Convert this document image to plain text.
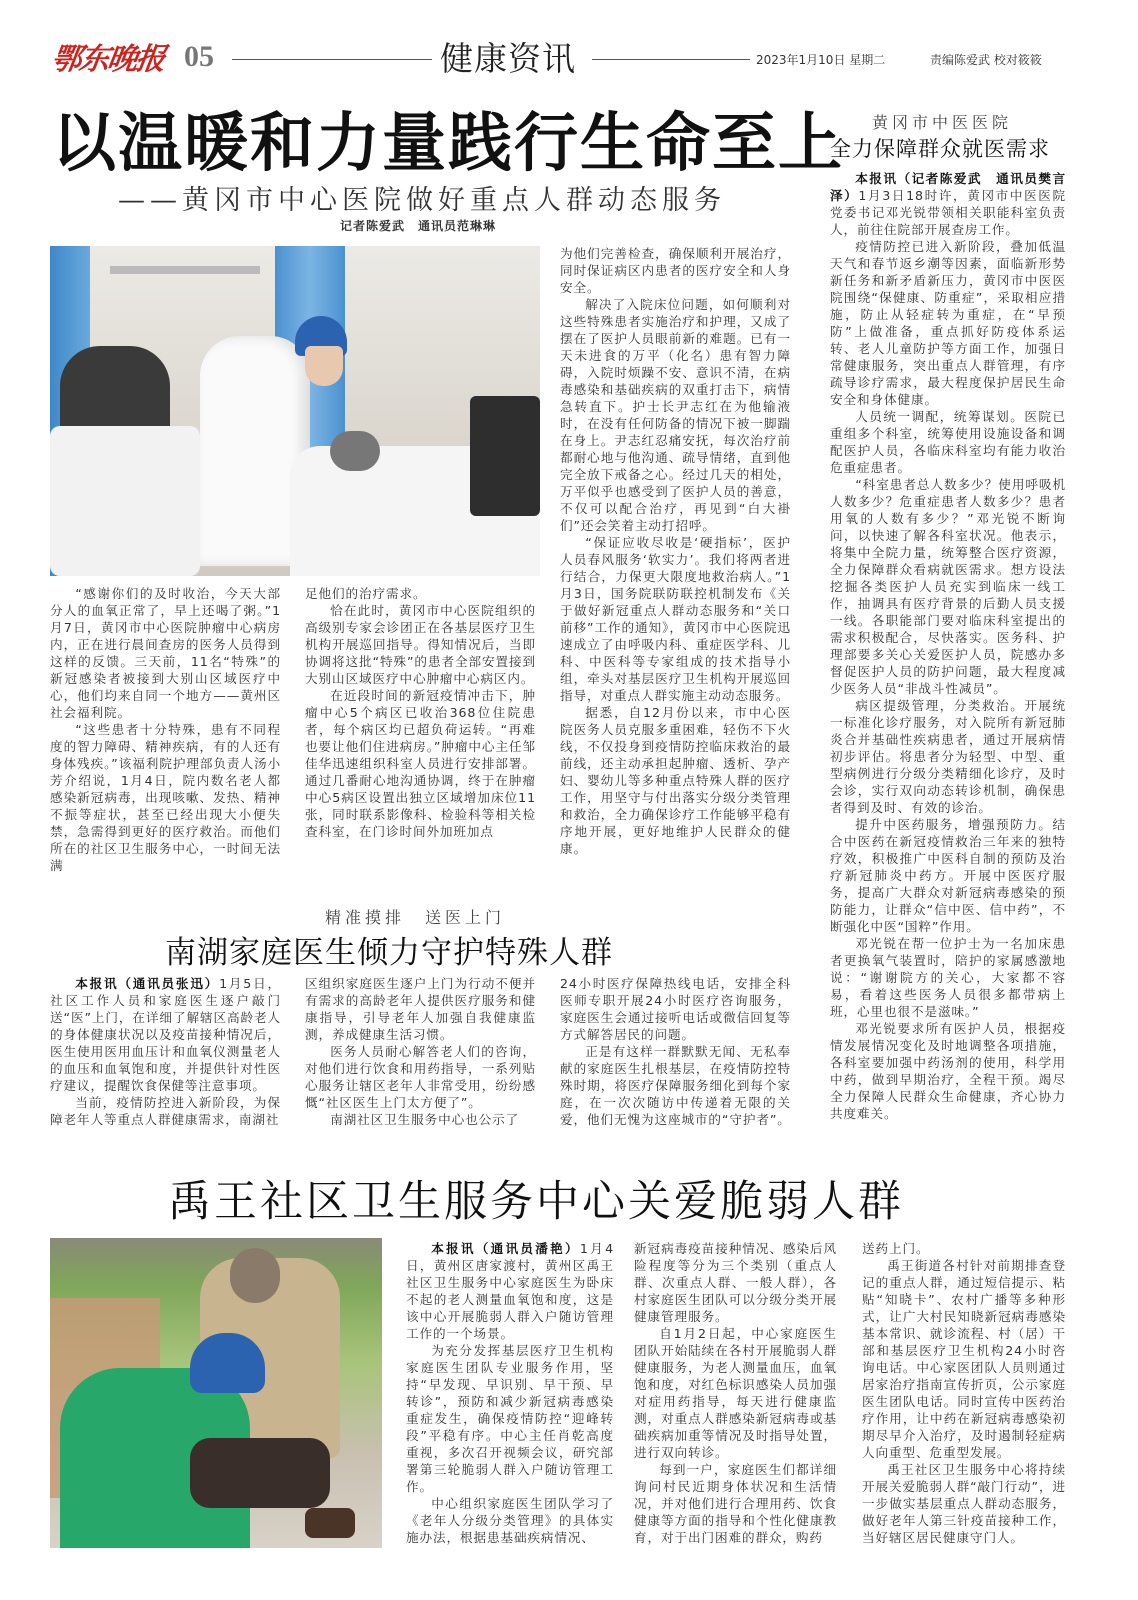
鄂东晚报 05	健康资讯	2023年1月10日 星期二	责编陈爱武 校对筱筱
以温暖和力量践行生命至上
——黄冈市中心医院做好重点人群动态服务
记者陈爱武　通讯员范琳琳

“感谢你们的及时收治，今天大部分人的血氧正常了，早上还喝了粥。”1月7日，黄冈市中心医院肿瘤中心病房内，正在进行晨间查房的医务人员得到这样的反馈。三天前，11名“特殊”的新冠感染者被接到大别山区域医疗中心，他们均来自同一个地方——黄州区社会福利院。

“这些患者十分特殊，患有不同程度的智力障碍、精神疾病，有的人还有身体残疾。”该福利院护理部负责人汤小芳介绍说，1月4日，院内数名老人都感染新冠病毒，出现咳嗽、发热、精神不振等症状，甚至已经出现大小便失禁，急需得到更好的医疗救治。而他们所在的社区卫生服务中心，一时间无法满

足他们的治疗需求。

恰在此时，黄冈市中心医院组织的高级别专家会诊团正在各基层医疗卫生机构开展巡回指导。得知情况后，当即协调将这批“特殊”的患者全部安置接到大别山区域医疗中心肿瘤中心病区内。

在近段时间的新冠疫情冲击下，肿瘤中心5个病区已收治368位住院患者，每个病区均已超负荷运转。“再难也要让他们住进病房。”肿瘤中心主任邹佳华迅速组织科室人员进行安排部署。通过几番耐心地沟通协调，终于在肿瘤中心5病区设置出独立区域增加床位11张，同时联系影像科、检验科等相关检查科室，在门诊时间外加班加点

为他们完善检查，确保顺利开展治疗，同时保证病区内患者的医疗安全和人身安全。

解决了入院床位问题，如何顺利对这些特殊患者实施治疗和护理，又成了摆在了医护人员眼前新的难题。已有一天未进食的万平（化名）患有智力障碍，入院时烦躁不安、意识不清，在病毒感染和基础疾病的双重打击下，病情急转直下。护士长尹志红在为他输液时，在没有任何防备的情况下被一脚踹在身上。尹志红忍痛安抚，每次治疗前都耐心地与他沟通、疏导情绪，直到他完全放下戒备之心。经过几天的相处，万平似乎也感受到了医护人员的善意，不仅可以配合治疗，再见到“白大褂们”还会笑着主动打招呼。

“保证应收尽收是‘硬指标’，医护人员春风服务‘软实力’。我们将两者进行结合，力保更大限度地救治病人。”1月3日，国务院联防联控机制发布《关于做好新冠重点人群动态服务和“关口前移”工作的通知》，黄冈市中心医院迅速成立了由呼吸内科、重症医学科、儿科、中医科等专家组成的技术指导小组，牵头对基层医疗卫生机构开展巡回指导，对重点人群实施主动动态服务。

据悉，自12月份以来，市中心医院医务人员克服多重困难，轻伤不下火线，不仅投身到疫情防控临床救治的最前线，还主动承担起肿瘤、透析、孕产妇、婴幼儿等多种重点特殊人群的医疗工作，用坚守与付出落实分级分类管理和救治，全力确保诊疗工作能够平稳有序地开展，更好地维护人民群众的健康。

黄冈市中医医院
全力保障群众就医需求

本报讯（记者陈爱武　通讯员樊言泽）1月3日18时许，黄冈市中医医院党委书记邓光锐带领相关职能科室负责人，前往住院部开展查房工作。

疫情防控已进入新阶段，叠加低温天气和春节返乡潮等因素，面临新形势新任务和新矛盾新压力，黄冈市中医医院围绕“保健康、防重症”，采取相应措施，防止从轻症转为重症，在“早预防”上做准备，重点抓好防疫体系运转、老人儿童防护等方面工作，加强日常健康服务，突出重点人群管理，有序疏导诊疗需求，最大程度保护居民生命安全和身体健康。

人员统一调配，统筹谋划。医院已重组多个科室，统筹使用设施设备和调配医护人员，各临床科室均有能力收治危重症患者。

“科室患者总人数多少？使用呼吸机人数多少？危重症患者人数多少？患者用氧的人数有多少？”邓光锐不断询问，以快速了解各科室状况。他表示，将集中全院力量，统筹整合医疗资源，全力保障群众看病就医需求。想方设法挖掘各类医护人员充实到临床一线工作，抽调具有医疗背景的后勤人员支援一线。各职能部门要对临床科室提出的需求积极配合，尽快落实。医务科、护理部要多关心关爱医护人员，院感办多督促医护人员的防护问题，最大程度减少医务人员“非战斗性减员”。

病区提级管理，分类救治。开展统一标准化诊疗服务，对入院所有新冠肺炎合并基础性疾病患者，通过开展病情初步评估。将患者分为轻型、中型、重型病例进行分级分类精细化诊疗，及时会诊，实行双向动态转诊机制，确保患者得到及时、有效的诊治。

提升中医药服务，增强预防力。结合中医药在新冠疫情救治三年来的独特疗效，积极推广中医科自制的预防及治疗新冠肺炎中药方。开展中医医疗服务，提高广大群众对新冠病毒感染的预防能力，让群众“信中医、信中药”，不断强化中医“国粹”作用。

邓光锐在帮一位护士为一名加床患者更换氧气装置时，陪护的家属感激地说：“谢谢院方的关心，大家都不容易，看着这些医务人员很多都带病上班，心里也很不是滋味。”

邓光锐要求所有医护人员，根据疫情发展情况变化及时地调整各项措施，各科室要加强中药汤剂的使用，科学用中药，做到早期治疗，全程干预。竭尽全力保障人民群众生命健康，齐心协力共度难关。

精准摸排　送医上门
南湖家庭医生倾力守护特殊人群

本报讯（通讯员张迅）1月5日，社区工作人员和家庭医生逐户敲门送“医”上门，在详细了解辖区高龄老人的身体健康状况以及疫苗接种情况后，医生使用医用血压计和血氧仪测量老人的血压和血氧饱和度，并提供针对性医疗建议，提醒饮食保健等注意事项。

当前，疫情防控进入新阶段，为保障老年人等重点人群健康需求，南湖社

区组织家庭医生逐户上门为行动不便并有需求的高龄老年人提供医疗服务和健康指导，引导老年人加强自我健康监测，养成健康生活习惯。

医务人员耐心解答老人们的咨询，对他们进行饮食和用药指导，一系列贴心服务让辖区老年人非常受用，纷纷感慨“社区医生上门太方便了”。

南湖社区卫生服务中心也公示了

24小时医疗保障热线电话，安排全科医师专职开展24小时医疗咨询服务，家庭医生会通过接听电话或微信回复等方式解答居民的问题。

正是有这样一群默默无闻、无私奉献的家庭医生扎根基层，在疫情防控特殊时期，将医疗保障服务细化到每个家庭，在一次次随访中传递着无限的关爱，他们无愧为这座城市的“守护者”。

禹王社区卫生服务中心关爱脆弱人群

本报讯（通讯员潘艳）1月4日，黄州区唐家渡村，黄州区禹王社区卫生服务中心家庭医生为卧床不起的老人测量血氧饱和度，这是该中心开展脆弱人群入户随访管理工作的一个场景。

为充分发挥基层医疗卫生机构家庭医生团队专业服务作用，坚持“早发现、早识别、早干预、早转诊”，预防和减少新冠病毒感染重症发生，确保疫情防控“迎峰转段”平稳有序。中心主任肖乾高度重视，多次召开视频会议，研究部署第三轮脆弱人群入户随访管理工作。

中心组织家庭医生团队学习了《老年人分级分类管理》的具体实施办法，根据患基础疾病情况、

新冠病毒疫苗接种情况、感染后风险程度等分为三个类别（重点人群、次重点人群、一般人群），各村家庭医生团队可以分级分类开展健康管理服务。

自1月2日起，中心家庭医生团队开始陆续在各村开展脆弱人群健康服务，为老人测量血压，血氧饱和度，对红色标识感染人员加强对症用药指导，每天进行健康监测，对重点人群感染新冠病毒或基础疾病加重等情况及时指导处置，进行双向转诊。

每到一户，家庭医生们都详细询问村民近期身体状况和生活情况，并对他们进行合理用药、饮食健康等方面的指导和个性化健康教育，对于出门困难的群众，购药

送药上门。

禹王街道各村针对前期排查登记的重点人群，通过短信提示、粘贴“知晓卡”、农村广播等多种形式，让广大村民知晓新冠病毒感染基本常识、就诊流程、村（居）干部和基层医疗卫生机构24小时咨询电话。中心家医团队人员则通过居家治疗指南宣传折页，公示家庭医生团队电话。同时宣传中医药治疗作用，让中药在新冠病毒感染初期尽早介入治疗，及时遏制轻症病人向重型、危重型发展。

禹王社区卫生服务中心将持续开展关爱脆弱人群“敲门行动”，进一步做实基层重点人群动态服务，做好老年人第三针疫苗接种工作，当好辖区居民健康守门人。
